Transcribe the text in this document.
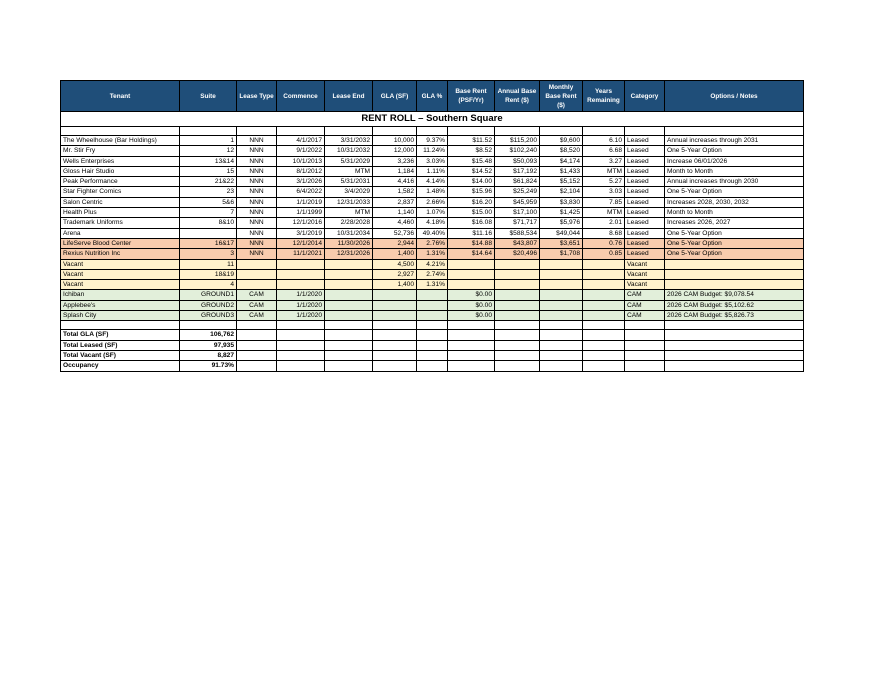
RENT ROLL – Southern Square												

Tenant	Suite	Lease Type	Commence	Lease End	GLA (SF)	GLA %	Base Rent (PSF/Yr)	Annual Base Rent ($)	Monthly Base Rent ($)	Years Remaining	Category	Options / Notes
The Wheelhouse (Bar Holdings)	1	NNN	4/1/2017	3/31/2032	10,000	9.37%	$11.52	$115,200	$9,600	6.10	Leased	Annual increases through 2031
Mr. Stir Fry	12	NNN	9/1/2022	10/31/2032	12,000	11.24%	$8.52	$102,240	$8,520	6.68	Leased	One 5-Year Option
Wells Enterprises	13&14	NNN	10/1/2013	5/31/2029	3,236	3.03%	$15.48	$50,093	$4,174	3.27	Leased	Increase 06/01/2026
Gloss Hair Studio	15	NNN	8/1/2012	MTM	1,184	1.11%	$14.52	$17,192	$1,433	MTM	Leased	Month to Month
Peak Performance	21&22	NNN	3/1/2026	5/31/2031	4,416	4.14%	$14.00	$61,824	$5,152	5.27	Leased	Annual increases through 2030
Star Fighter Comics	23	NNN	6/4/2022	3/4/2029	1,582	1.48%	$15.96	$25,249	$2,104	3.03	Leased	One 5-Year Option
Salon Centric	5&6	NNN	1/1/2019	12/31/2033	2,837	2.66%	$16.20	$45,959	$3,830	7.85	Leased	Increases 2028, 2030, 2032
Health Plus	7	NNN	1/1/1999	MTM	1,140	1.07%	$15.00	$17,100	$1,425	MTM	Leased	Month to Month
Trademark Uniforms	8&10	NNN	12/1/2016	2/28/2028	4,460	4.18%	$16.08	$71,717	$5,976	2.01	Leased	Increases 2026, 2027
Arena		NNN	3/1/2019	10/31/2034	52,736	49.40%	$11.16	$588,534	$49,044	8.68	Leased	One 5-Year Option
LifeServe Blood Center	16&17	NNN	12/1/2014	11/30/2026	2,944	2.76%	$14.88	$43,807	$3,651	0.76	Leased	One 5-Year Option
Rexius Nutrition Inc	3	NNN	11/1/2021	12/31/2026	1,400	1.31%	$14.64	$20,496	$1,708	0.85	Leased	One 5-Year Option
Vacant	11				4,500	4.21%					Vacant	
Vacant	18&19				2,927	2.74%					Vacant	
Vacant	4				1,400	1.31%					Vacant	
Ichiban	GROUND1	CAM	1/1/2020				$0.00				CAM	2026 CAM Budget: $9,078.54
Applebee's	GROUND2	CAM	1/1/2020				$0.00				CAM	2026 CAM Budget: $5,102.62
Splash City	GROUND3	CAM	1/1/2020				$0.00				CAM	2026 CAM Budget: $5,826.73

Total GLA (SF)	106,762											
Total Leased (SF)	97,935											
Total Vacant (SF)	8,827											
Occupancy	91.73%											
